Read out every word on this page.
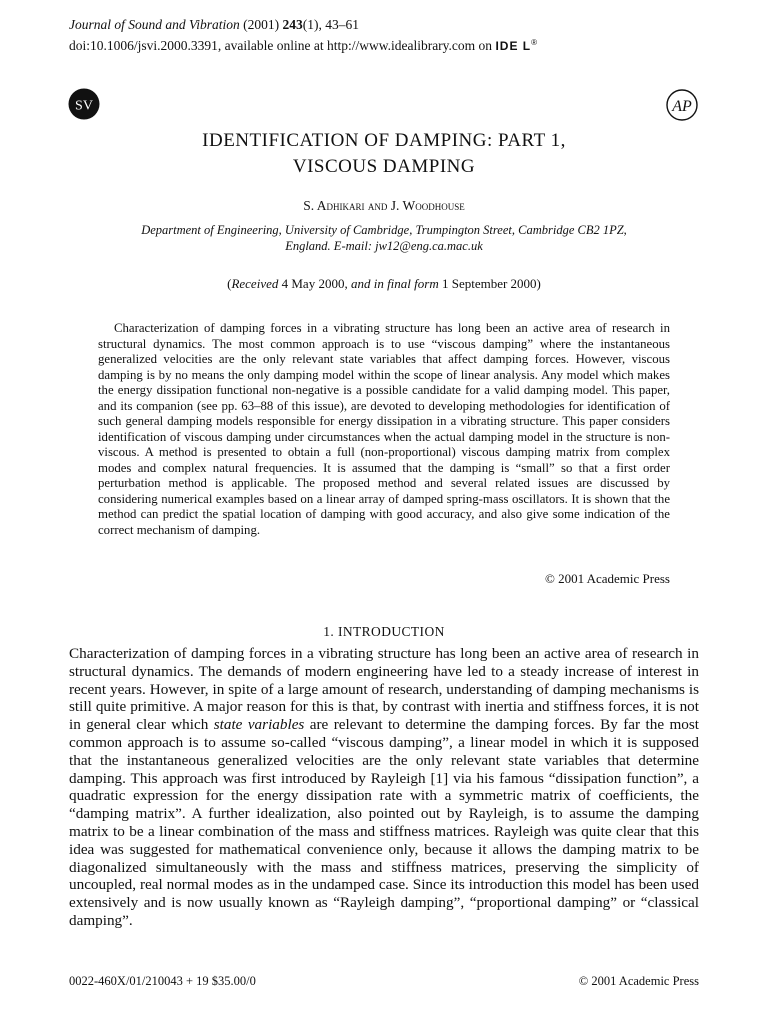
Journal of Sound and Vibration (2001) 243(1), 43–61
doi:10.1006/jsvi.2000.3391, available online at http://www.idealibrary.com on IDE L®
SV	AP
IDENTIFICATION OF DAMPING: PART 1,
VISCOUS DAMPING
S. Adhikari and J. Woodhouse
Department of Engineering, University of Cambridge, Trumpington Street, Cambridge CB2 1PZ,
England. E-mail: jw12@eng.ca.mac.uk
(Received 4 May 2000, and in final form 1 September 2000)

Characterization of damping forces in a vibrating structure has long been an active area of research in structural dynamics. The most common approach is to use “viscous damping” where the instantaneous generalized velocities are the only relevant state variables that affect damping forces. However, viscous damping is by no means the only damping model within the scope of linear analysis. Any model which makes the energy dissipation functional non-negative is a possible candidate for a valid damping model. This paper, and its companion (see pp. 63–88 of this issue), are devoted to developing methodologies for identification of such general damping models responsible for energy dissipation in a vibrating structure. This paper considers identification of viscous damping under circumstances when the actual damping model in the structure is non-viscous. A method is presented to obtain a full (non-proportional) viscous damping matrix from complex modes and complex natural frequencies. It is assumed that the damping is “small” so that a first order perturbation method is applicable. The proposed method and several related issues are discussed by considering numerical examples based on a linear array of damped spring-mass oscillators. It is shown that the method can predict the spatial location of damping with good accuracy, and also give some indication of the correct mechanism of damping.

© 2001 Academic Press
1. INTRODUCTION

Characterization of damping forces in a vibrating structure has long been an active area of research in structural dynamics. The demands of modern engineering have led to a steady increase of interest in recent years. However, in spite of a large amount of research, understanding of damping mechanisms is still quite primitive. A major reason for this is that, by contrast with inertia and stiffness forces, it is not in general clear which state variables are relevant to determine the damping forces. By far the most common approach is to assume so-called “viscous damping”, a linear model in which it is supposed that the instantaneous generalized velocities are the only relevant state variables that determine damping. This approach was first introduced by Rayleigh [1] via his famous “dissipation function”, a quadratic expression for the energy dissipation rate with a symmetric matrix of coefficients, the “damping matrix”. A further idealization, also pointed out by Rayleigh, is to assume the damping matrix to be a linear combination of the mass and stiffness matrices. Rayleigh was quite clear that this idea was suggested for mathematical convenience only, because it allows the damping matrix to be diagonalized simultaneously with the mass and stiffness matrices, preserving the simplicity of uncoupled, real normal modes as in the undamped case. Since its introduction this model has been used extensively and is now usually known as “Rayleigh damping”, “proportional damping” or “classical damping”.

0022-460X/01/210043 + 19 $35.00/0	© 2001 Academic Press
